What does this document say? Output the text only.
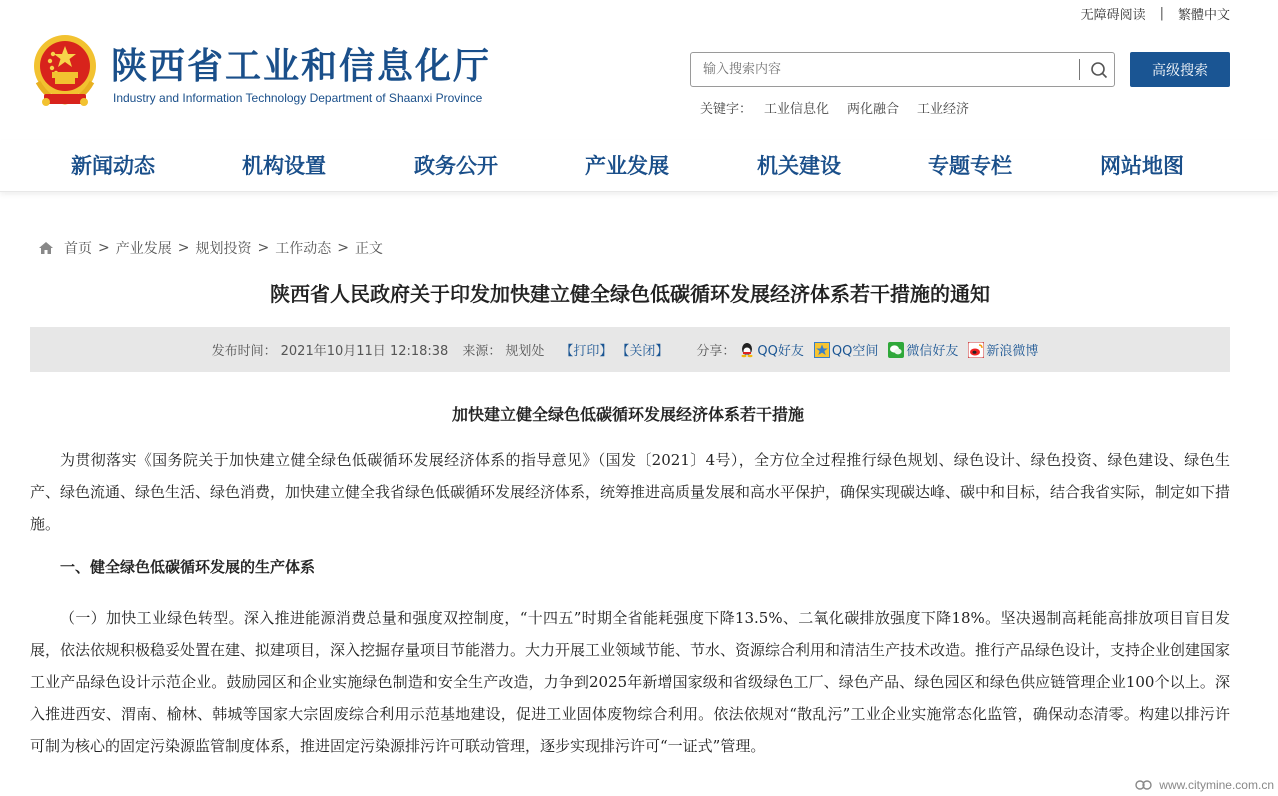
无障碍阅读 | 繁體中文
陕西省工业和信息化厅
Industry and Information Technology Department of Shaanxi Province
输入搜索内容
高级搜索
关键字： 工业信息化 两化融合 工业经济
新闻动态	机构设置	政务公开	产业发展	机关建设	专题专栏	网站地图
首页 > 产业发展 > 规划投资 > 工作动态 > 正文
陕西省人民政府关于印发加快建立健全绿色低碳循环发展经济体系若干措施的通知
发布时间： 2021年10月11日 12:18:38 来源： 规划处 【打印】 【关闭】 分享： QQ好友 QQ空间 微信好友 新浪微博
加快建立健全绿色低碳循环发展经济体系若干措施

为贯彻落实《国务院关于加快建立健全绿色低碳循环发展经济体系的指导意见》（国发〔2021〕4号），全方位全过程推行绿色规划、绿色设计、绿色投资、绿色建设、绿色生产、绿色流通、绿色生活、绿色消费，加快建立健全我省绿色低碳循环发展经济体系，统筹推进高质量发展和高水平保护，确保实现碳达峰、碳中和目标，结合我省实际，制定如下措施。

一、健全绿色低碳循环发展的生产体系

（一）加快工业绿色转型。深入推进能源消费总量和强度双控制度，“十四五”时期全省能耗强度下降13.5%、二氧化碳排放强度下降18%。坚决遏制高耗能高排放项目盲目发展，依法依规积极稳妥处置在建、拟建项目，深入挖掘存量项目节能潜力。大力开展工业领域节能、节水、资源综合利用和清洁生产技术改造。推行产品绿色设计，支持企业创建国家工业产品绿色设计示范企业。鼓励园区和企业实施绿色制造和安全生产改造，力争到2025年新增国家级和省级绿色工厂、绿色产品、绿色园区和绿色供应链管理企业100个以上。深入推进西安、渭南、榆林、韩城等国家大宗固废综合利用示范基地建设，促进工业固体废物综合利用。依法依规对“散乱污”工业企业实施常态化监管，确保动态清零。构建以排污许可制为核心的固定污染源监管制度体系，推进固定污染源排污许可联动管理，逐步实现排污许可“一证式”管理。

www.citymine.com.cn
